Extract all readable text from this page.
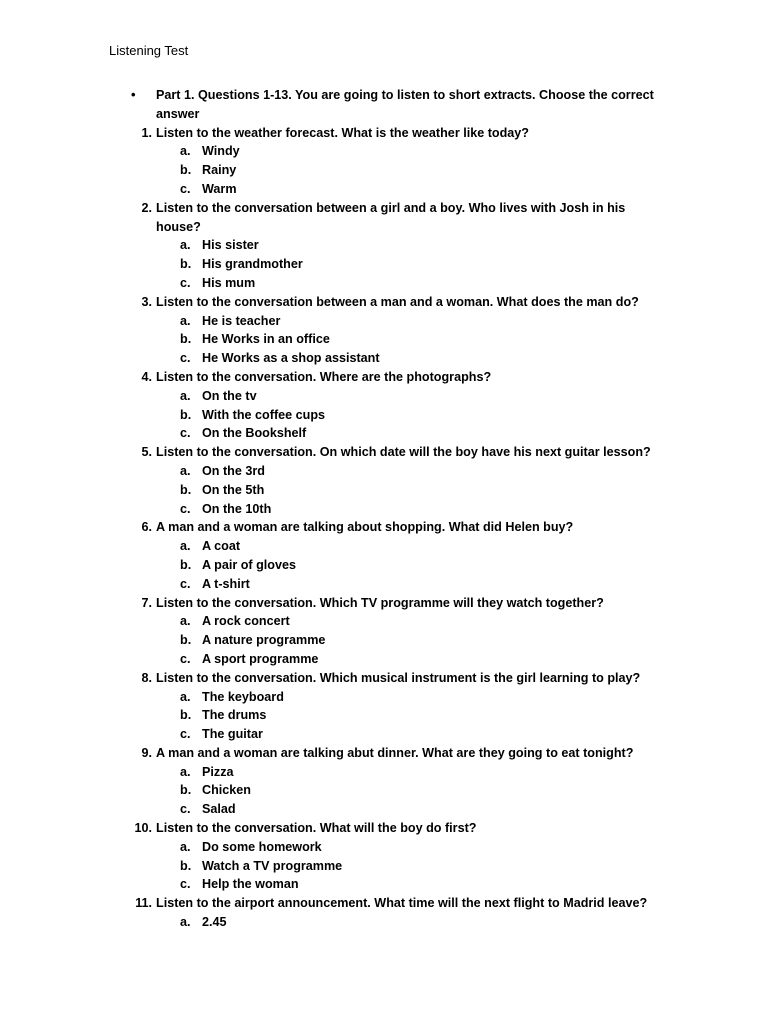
Listening Test
• Part 1. Questions 1-13. You are going to listen to short extracts. Choose the correct
answer
1. Listen to the weather forecast. What is the weather like today?
a. Windy
b. Rainy
c. Warm
2. Listen to the conversation between a girl and a boy. Who lives with Josh in his
house?
a. His sister
b. His grandmother
c. His mum
3. Listen to the conversation between a man and a woman. What does the man do?
a. He is teacher
b. He Works in an office
c. He Works as a shop assistant
4. Listen to the conversation. Where are the photographs?
a. On the tv
b. With the coffee cups
c. On the Bookshelf
5. Listen to the conversation. On which date will the boy have his next guitar lesson?
a. On the 3rd
b. On the 5th
c. On the 10th
6. A man and a woman are talking about shopping. What did Helen buy?
a. A coat
b. A pair of gloves
c. A t-shirt
7. Listen to the conversation. Which TV programme will they watch together?
a. A rock concert
b. A nature programme
c. A sport programme
8. Listen to the conversation. Which musical instrument is the girl learning to play?
a. The keyboard
b. The drums
c. The guitar
9. A man and a woman are talking abut dinner. What are they going to eat tonight?
a. Pizza
b. Chicken
c. Salad
10. Listen to the conversation. What will the boy do first?
a. Do some homework
b. Watch a TV programme
c. Help the woman
11. Listen to the airport announcement. What time will the next flight to Madrid leave?
a. 2.45
